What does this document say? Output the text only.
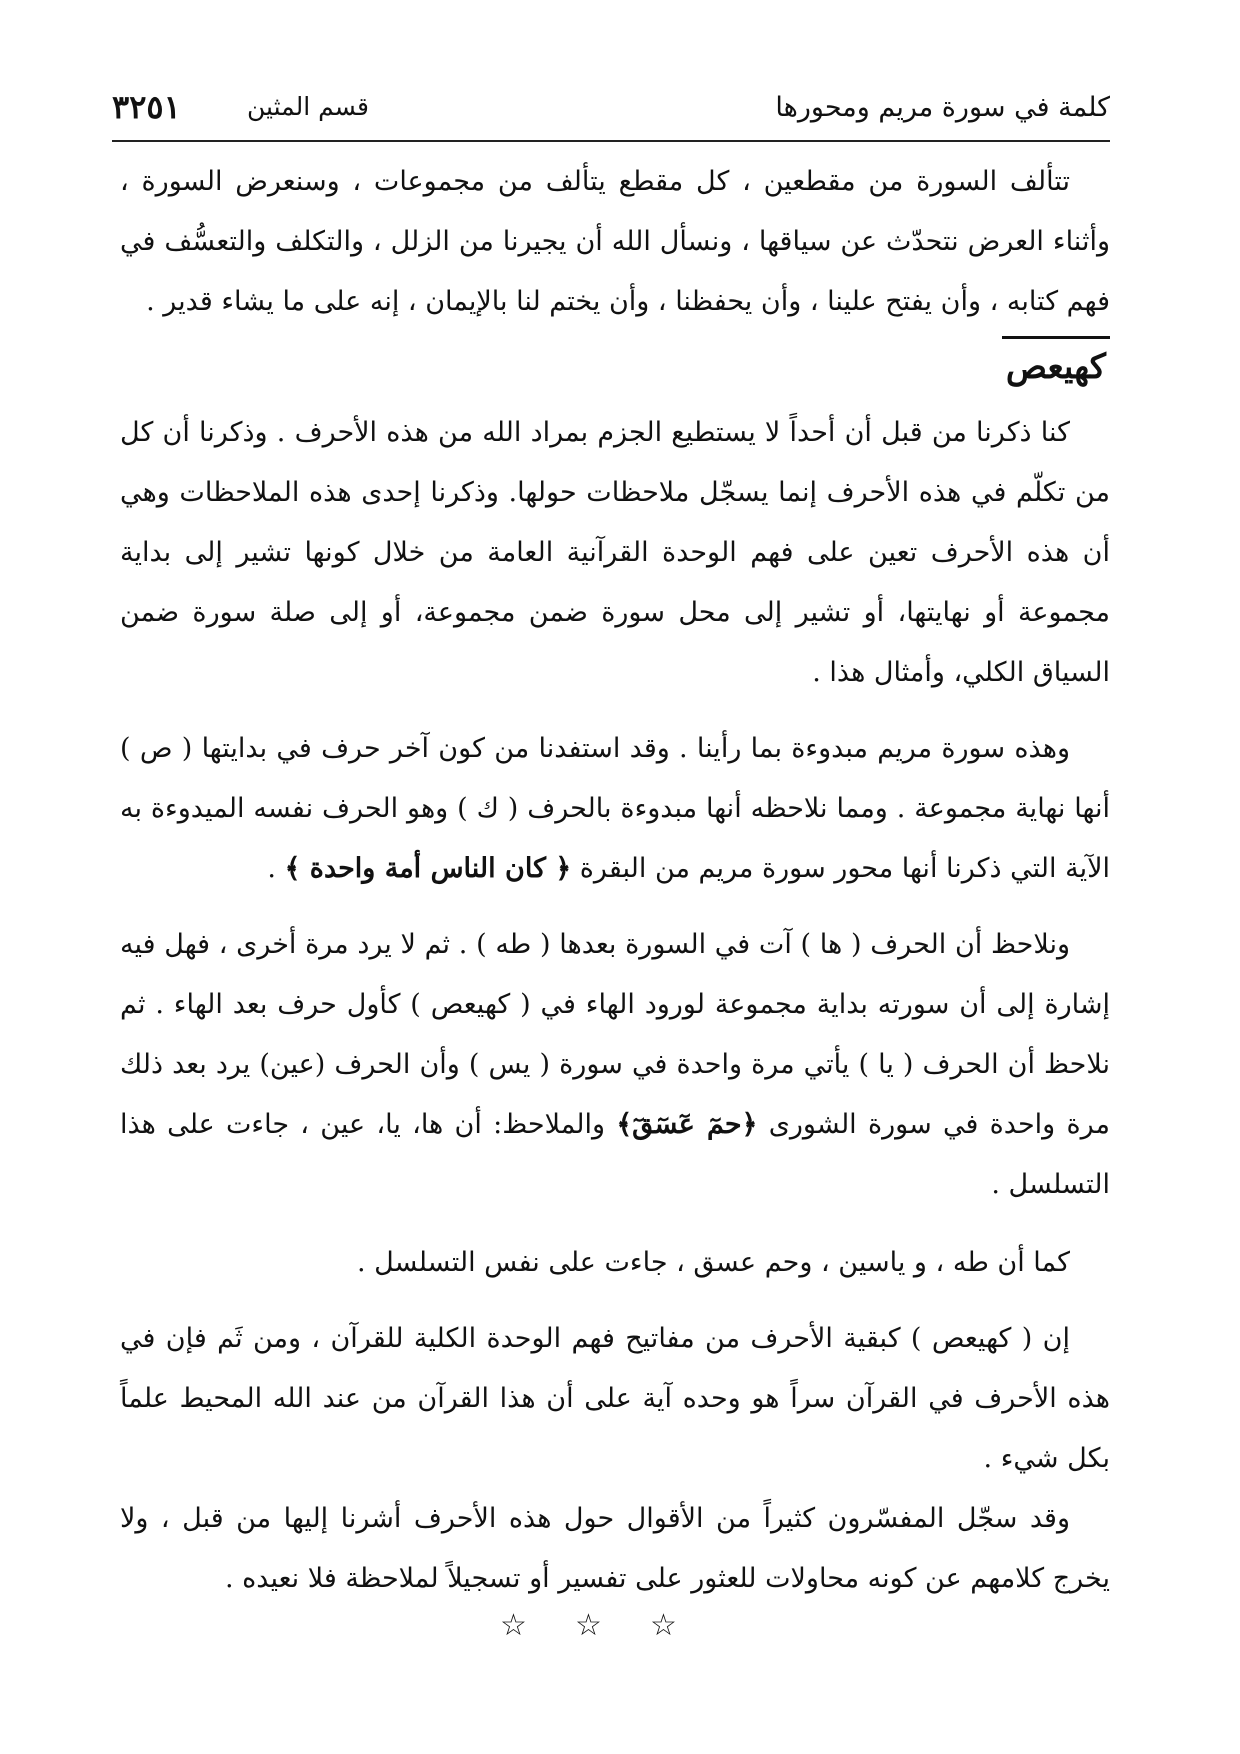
كلمة في سورة مريم ومحورها
قسم المثين
٣٢٥١

تتألف السورة من مقطعين ، كل مقطع يتألف من مجموعات ، وسنعرض السورة ، وأثناء العرض نتحدّث عن سياقها ، ونسأل الله أن يجيرنا من الزلل ، والتكلف والتعسُّف في فهم كتابه ، وأن يفتح علينا ، وأن يحفظنا ، وأن يختم لنا بالإيمان ، إنه على ما يشاء قدير .

كهيعص

كنا ذكرنا من قبل أن أحداً لا يستطيع الجزم بمراد الله من هذه الأحرف . وذكرنا أن كل من تكلّم في هذه الأحرف إنما يسجّل ملاحظات حولها. وذكرنا إحدى هذه الملاحظات وهي أن هذه الأحرف تعين على فهم الوحدة القرآنية العامة من خلال كونها تشير إلى بداية مجموعة أو نهايتها، أو تشير إلى محل سورة ضمن مجموعة، أو إلى صلة سورة ضمن السياق الكلي، وأمثال هذا .

وهذه سورة مريم مبدوءة بما رأينا . وقد استفدنا من كون آخر حرف في بدايتها ( ص ) أنها نهاية مجموعة . ومما نلاحظه أنها مبدوءة بالحرف ( ك ) وهو الحرف نفسه الميدوءة به الآية التي ذكرنا أنها محور سورة مريم من البقرة ﴿ كان الناس أمة واحدة ﴾ .

ونلاحظ أن الحرف ( ها ) آت في السورة بعدها ( طه ) . ثم لا يرد مرة أخرى ، فهل فيه إشارة إلى أن سورته بداية مجموعة لورود الهاء في ( كهيعص ) كأول حرف بعد الهاء . ثم نلاحظ أن الحرف ( يا ) يأتي مرة واحدة في سورة ( يس ) وأن الحرف (عين) يرد بعد ذلك مرة واحدة في سورة الشورى ﴿حمٓ عٓسٓقٓ﴾ والملاحظ: أن ها، يا، عين ، جاءت على هذا التسلسل .

كما أن طه ، و ياسين ، وحم عسق ، جاءت على نفس التسلسل .

إن ( كهيعص ) كبقية الأحرف من مفاتيح فهم الوحدة الكلية للقرآن ، ومن ثَم فإن في هذه الأحرف في القرآن سراً هو وحده آية على أن هذا القرآن من عند الله المحيط علماً بكل شيء .

وقد سجّل المفسّرون كثيراً من الأقوال حول هذه الأحرف أشرنا إليها من قبل ، ولا يخرج كلامهم عن كونه محاولات للعثور على تفسير أو تسجيلاً لملاحظة فلا نعيده .

☆ ☆ ☆
